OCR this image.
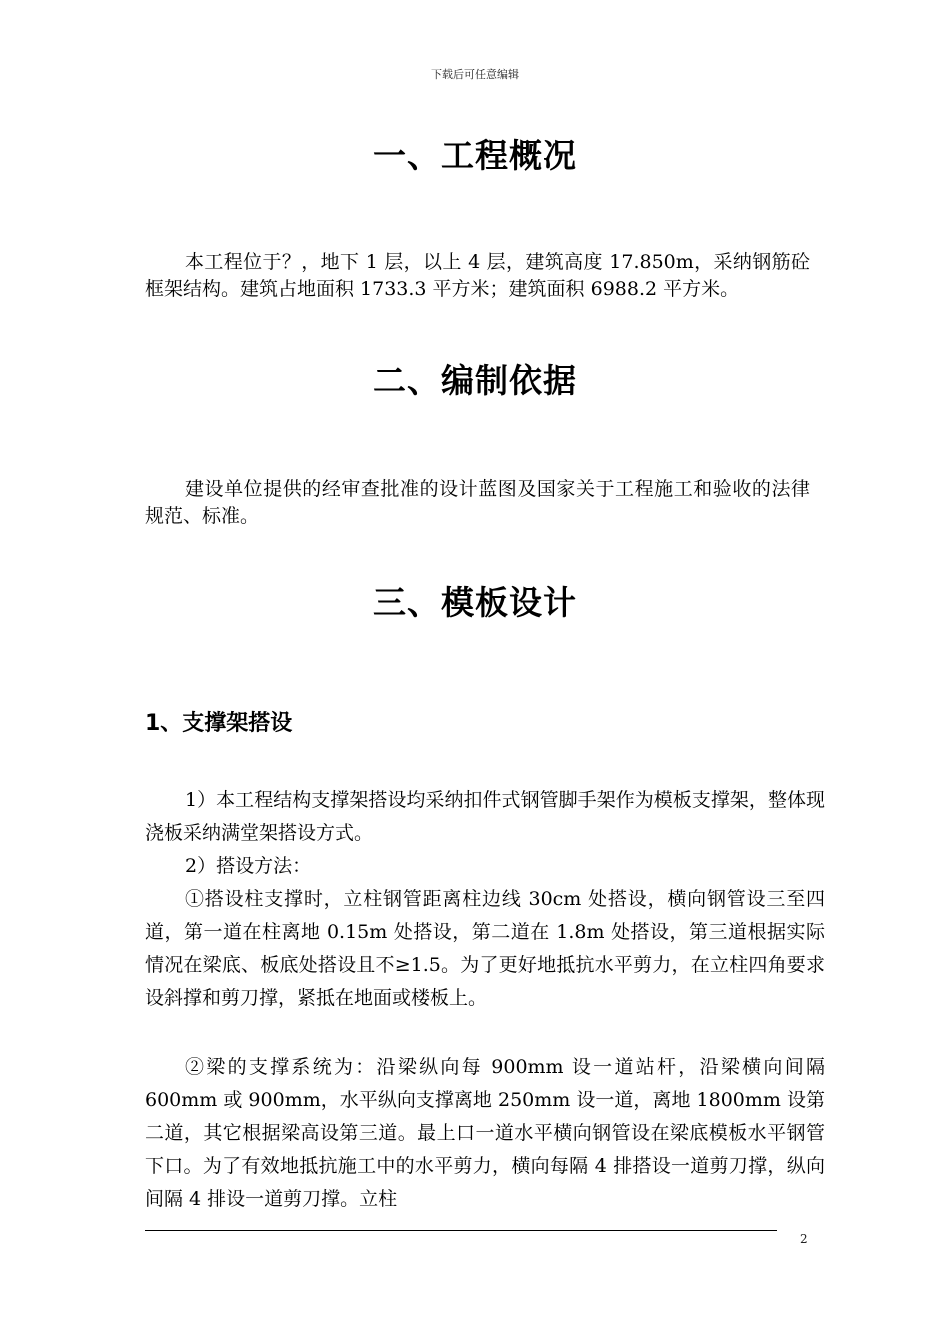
下载后可任意编辑
一、工程概况
本工程位于？，地下 1 层，以上 4 层，建筑高度 17.850m，采纳钢筋砼框架结构。建筑占地面积 1733.3 平方米；建筑面积 6988.2 平方米。
二、编制依据
建设单位提供的经审查批准的设计蓝图及国家关于工程施工和验收的法律规范、标准。
三、模板设计
1、支撑架搭设
1）本工程结构支撑架搭设均采纳扣件式钢管脚手架作为模板支撑架，整体现浇板采纳满堂架搭设方式。
2）搭设方法：
①搭设柱支撑时，立柱钢管距离柱边线 30cm 处搭设，横向钢管设三至四道，第一道在柱离地 0.15m 处搭设，第二道在 1.8m 处搭设，第三道根据实际情况在梁底、板底处搭设且不≥1.5。为了更好地抵抗水平剪力，在立柱四角要求设斜撑和剪刀撑，紧抵在地面或楼板上。
②梁的支撑系统为：沿梁纵向每 900mm 设一道站杆，沿梁横向间隔 600mm 或 900mm，水平纵向支撑离地 250mm 设一道，离地 1800mm 设第二道，其它根据梁高设第三道。最上口一道水平横向钢管设在梁底模板水平钢管下口。为了有效地抵抗施工中的水平剪力，横向每隔 4 排搭设一道剪刀撑，纵向间隔 4 排设一道剪刀撑。立柱
2
